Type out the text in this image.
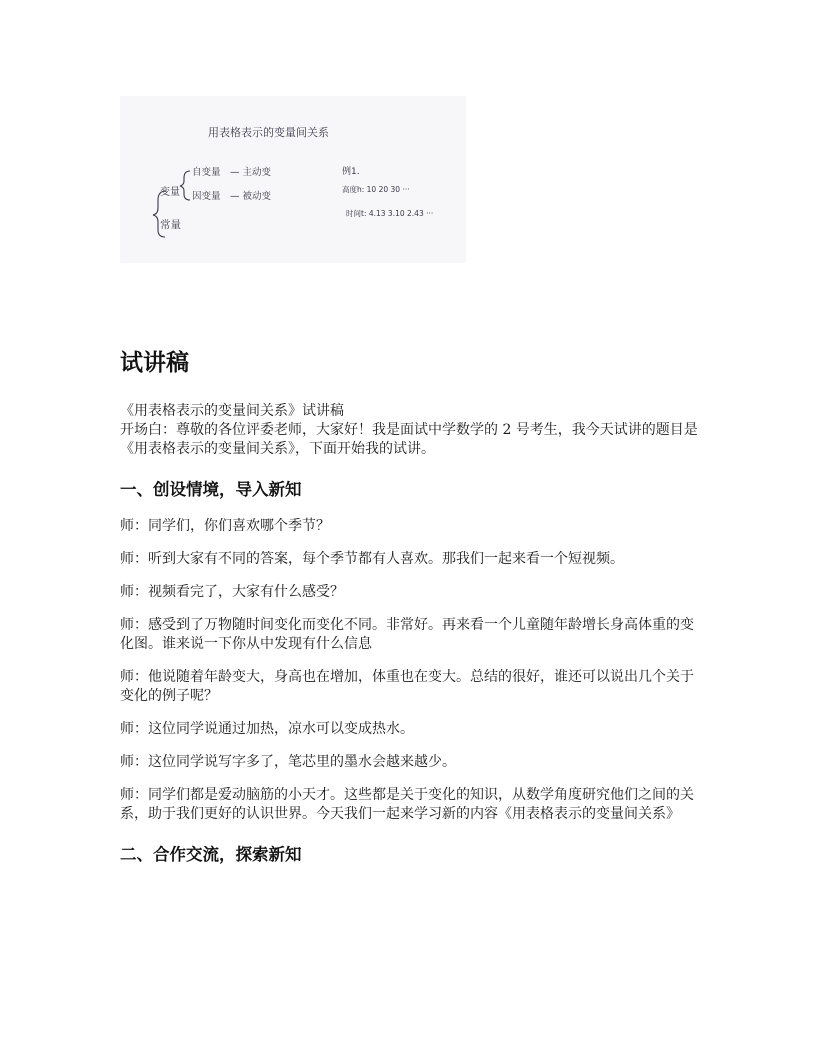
用表格表示的变量间关系
变量
自变量 — 主动变
因变量 — 被动变
常量
例1.
高度h: 10 20 30 ···
时间t: 4.13 3.10 2.43 ···
试讲稿
《用表格表示的变量间关系》试讲稿

开场白：尊敬的各位评委老师，大家好！我是面试中学数学的 2 号考生，我今天试讲的题目是《用表格表示的变量间关系》，下面开始我的试讲。

一、创设情境，导入新知

师：同学们，你们喜欢哪个季节？

师：听到大家有不同的答案，每个季节都有人喜欢。那我们一起来看一个短视频。

师：视频看完了，大家有什么感受？

师：感受到了万物随时间变化而变化不同。非常好。再来看一个儿童随年龄增长身高体重的变化图。谁来说一下你从中发现有什么信息

师：他说随着年龄变大，身高也在增加，体重也在变大。总结的很好，谁还可以说出几个关于变化的例子呢？

师：这位同学说通过加热，凉水可以变成热水。

师：这位同学说写字多了，笔芯里的墨水会越来越少。

师：同学们都是爱动脑筋的小天才。这些都是关于变化的知识，从数学角度研究他们之间的关系，助于我们更好的认识世界。今天我们一起来学习新的内容《用表格表示的变量间关系》

二、合作交流，探索新知
